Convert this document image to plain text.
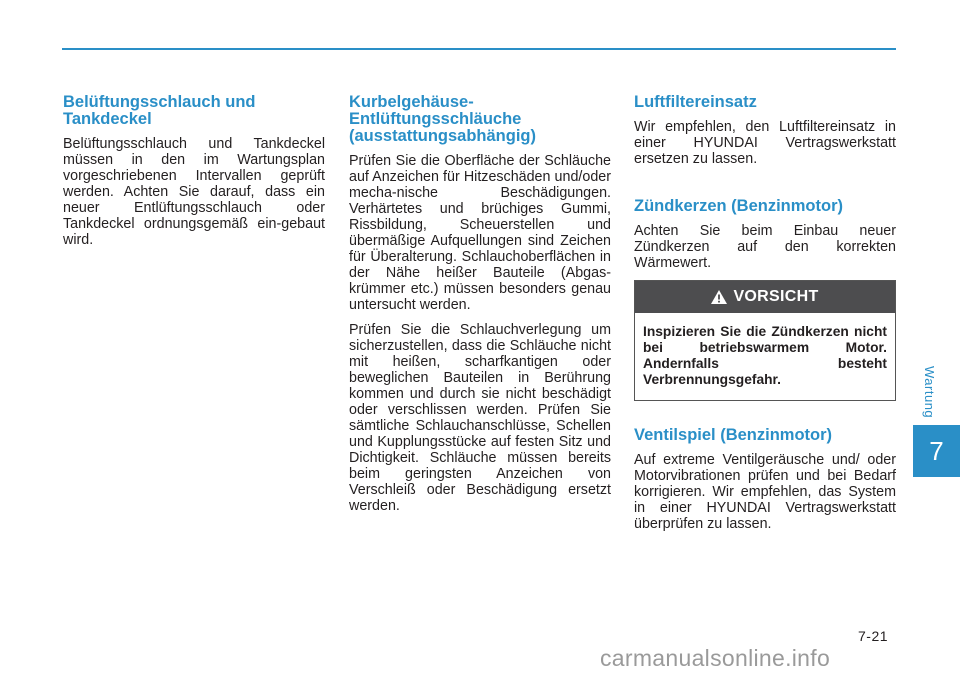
Belüftungsschlauch und Tankdeckel

Belüftungsschlauch und Tankdeckel müssen in den im Wartungsplan vorgeschriebenen Intervallen geprüft werden. Achten Sie darauf, dass ein neuer Entlüftungsschlauch oder Tankdeckel ordnungsgemäß ein-gebaut wird.

Kurbelgehäuse-Entlüftungsschläuche (ausstattungsabhängig)

Prüfen Sie die Oberfläche der Schläuche auf Anzeichen für Hitzeschäden und/oder mecha-nische Beschädigungen. Verhärtetes und brüchiges Gummi, Rissbildung, Scheuerstellen und übermäßige Aufquellungen sind Zeichen für Überalterung. Schlauchoberflächen in der Nähe heißer Bauteile (Abgas-krümmer etc.) müssen besonders genau untersucht werden.

Prüfen Sie die Schlauchverlegung um sicherzustellen, dass die Schläuche nicht mit heißen, scharfkantigen oder beweglichen Bauteilen in Berührung kommen und durch sie nicht beschädigt oder verschlissen werden. Prüfen Sie sämtliche Schlauchanschlüsse, Schellen und Kupplungsstücke auf festen Sitz und Dichtigkeit. Schläuche müssen bereits beim geringsten Anzeichen von Verschleiß oder Beschädigung ersetzt werden.

Luftfiltereinsatz

Wir empfehlen, den Luftfiltereinsatz in einer HYUNDAI Vertragswerkstatt ersetzen zu lassen.

Zündkerzen (Benzinmotor)

Achten Sie beim Einbau neuer Zündkerzen auf den korrekten Wärmewert.

VORSICHT
Inspizieren Sie die Zündkerzen nicht bei betriebswarmem Motor. Andernfalls besteht Verbrennungsgefahr.
Ventilspiel (Benzinmotor)

Auf extreme Ventilgeräusche und/ oder Motorvibrationen prüfen und bei Bedarf korrigieren. Wir empfehlen, das System in einer HYUNDAI Vertragswerkstatt überprüfen zu lassen.

Wartung
7
7-21
carmanualsonline.info
